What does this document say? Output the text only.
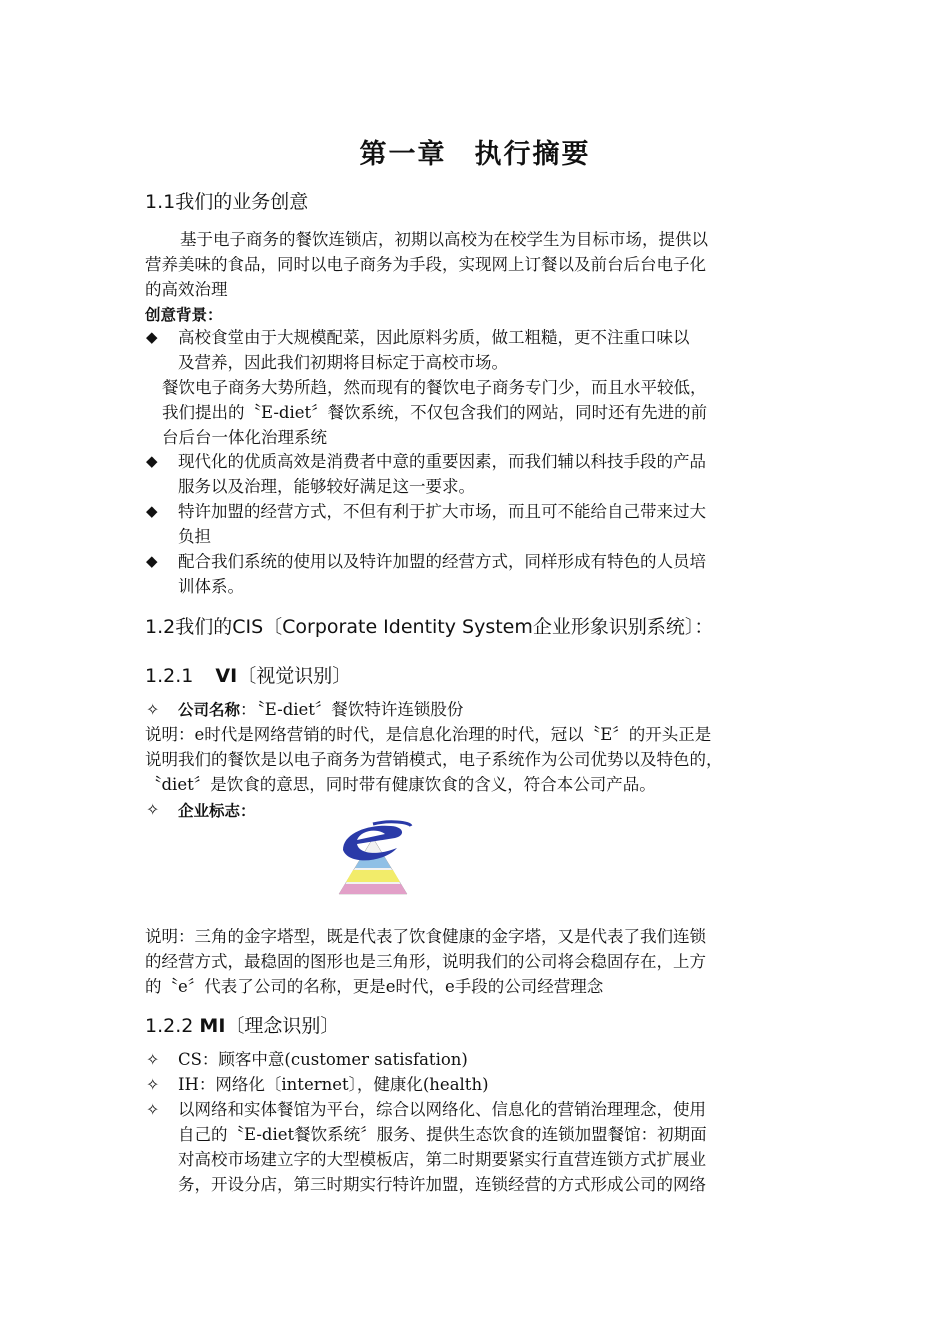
第一章 执行摘要
1.1我们的业务创意
基于电子商务的餐饮连锁店，初期以高校为在校学生为目标市场，提供以
营养美味的食品，同时以电子商务为手段，实现网上订餐以及前台后台电子化
的高效治理
创意背景：
◆ 高校食堂由于大规模配菜，因此原料劣质，做工粗糙，更不注重口味以
及营养，因此我们初期将目标定于高校市场。
餐饮电子商务大势所趋，然而现有的餐饮电子商务专门少，而且水平较低，
我们提出的〝E-diet〞餐饮系统，不仅包含我们的网站，同时还有先进的前
台后台一体化治理系统
◆ 现代化的优质高效是消费者中意的重要因素，而我们辅以科技手段的产品
服务以及治理，能够较好满足这一要求。
◆ 特许加盟的经营方式，不但有利于扩大市场，而且可不能给自己带来过大
负担
◆ 配合我们系统的使用以及特许加盟的经营方式，同样形成有特色的人员培
训体系。
1.2我们的CIS〔Corporate Identity System企业形象识别系统〕：
1.2.1 VI〔视觉识别〕
✧ 公司名称：〝E-diet〞餐饮特许连锁股份
说明：e时代是网络营销的时代，是信息化治理的时代，冠以〝E〞的开头正是
说明我们的餐饮是以电子商务为营销模式，电子系统作为公司优势以及特色的，
〝diet〞是饮食的意思，同时带有健康饮食的含义，符合本公司产品。
✧ 企业标志：
说明：三角的金字塔型，既是代表了饮食健康的金字塔，又是代表了我们连锁
的经营方式，最稳固的图形也是三角形，说明我们的公司将会稳固存在，上方
的〝e〞代表了公司的名称，更是e时代，e手段的公司经营理念
1.2.2 MI〔理念识别〕
✧ CS：顾客中意(customer satisfation)
✧ IH：网络化〔internet〕，健康化(health)
✧ 以网络和实体餐馆为平台，综合以网络化、信息化的营销治理理念，使用
自己的〝E-diet餐饮系统〞服务、提供生态饮食的连锁加盟餐馆：初期面
对高校市场建立字的大型模板店，第二时期要紧实行直营连锁方式扩展业
务，开设分店，第三时期实行特许加盟，连锁经营的方式形成公司的网络
